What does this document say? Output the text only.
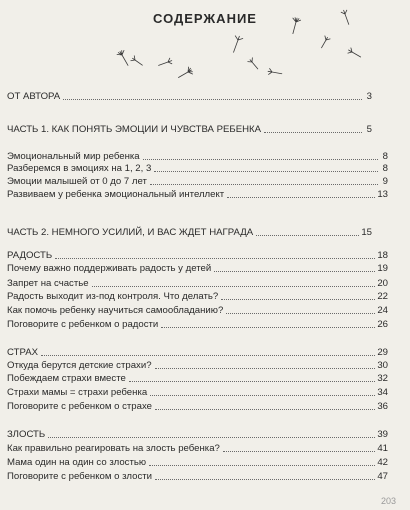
СОДЕРЖАНИЕ
ОТ АВТОРА	3
ЧАСТЬ 1. КАК ПОНЯТЬ ЭМОЦИИ И ЧУВСТВА РЕБЕНКА	5
Эмоциональный мир ребенка	8
Разберемся в эмоциях на 1, 2, 3	8
Эмоции малышей от 0 до 7 лет	9
Развиваем у ребенка эмоциональный интеллект	13
ЧАСТЬ 2. НЕМНОГО УСИЛИЙ, И ВАС ЖДЕТ НАГРАДА	15
РАДОСТЬ	18
Почему важно поддерживать радость у детей	19
Запрет на счастье	20
Радость выходит из-под контроля. Что делать?	22
Как помочь ребенку научиться самообладанию?	24
Поговорите с ребенком о радости	26
СТРАХ	29
Откуда берутся детские страхи?	30
Побеждаем страхи вместе	32
Страхи мамы = страхи ребенка	34
Поговорите с ребенком о страхе	36
ЗЛОСТЬ	39
Как правильно реагировать на злость ребенка?	41
Мама один на один со злостью	42
Поговорите с ребенком о злости	47
203
